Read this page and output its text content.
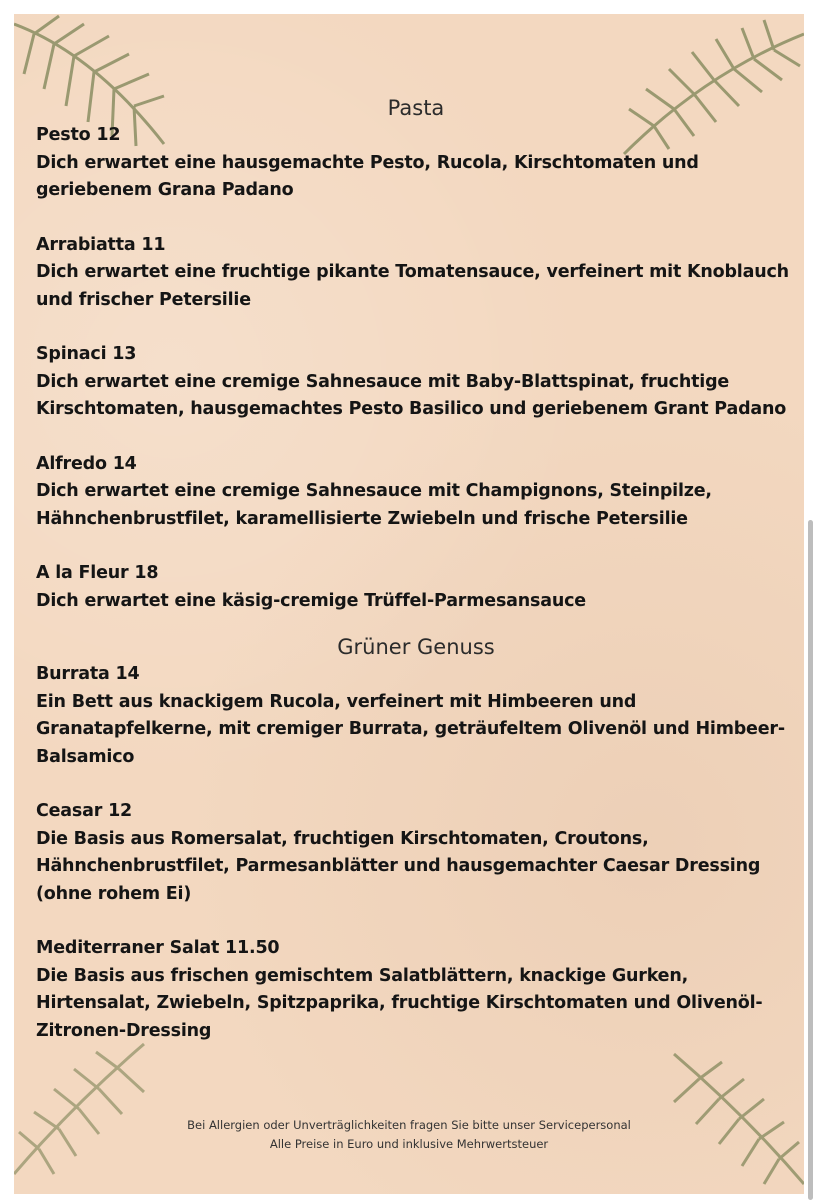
Pasta
Pesto 12
Dich erwartet eine hausgemachte Pesto, Rucola, Kirschtomaten und geriebenem Grana Padano
Arrabiatta 11
Dich erwartet eine fruchtige pikante Tomatensauce, verfeinert mit Knoblauch und frischer Petersilie
Spinaci 13
Dich erwartet eine cremige Sahnesauce mit Baby-Blattspinat, fruchtige Kirschtomaten, hausgemachtes Pesto Basilico und geriebenem Grant Padano
Alfredo 14
Dich erwartet eine cremige Sahnesauce mit Champignons, Steinpilze, Hähnchenbrustfilet, karamellisierte Zwiebeln und frische Petersilie
A la Fleur 18
Dich erwartet eine käsig-cremige Trüffel-Parmesansauce
Grüner Genuss
Burrata 14
Ein Bett aus knackigem Rucola, verfeinert mit Himbeeren und Granatapfelkerne, mit cremiger Burrata, geträufeltem Olivenöl und Himbeer-Balsamico
Ceasar 12
Die Basis aus Romersalat, fruchtigen Kirschtomaten, Croutons, Hähnchenbrustfilet, Parmesanblätter und hausgemachter Caesar Dressing (ohne rohem Ei)
Mediterraner Salat 11.50
Die Basis aus frischen gemischtem Salatblättern, knackige Gurken, Hirtensalat, Zwiebeln, Spitzpaprika, fruchtige Kirschtomaten und Olivenöl-Zitronen-Dressing
Bei Allergien oder Unverträglichkeiten fragen Sie bitte unser Servicepersonal
Alle Preise in Euro und inklusive Mehrwertsteuer
